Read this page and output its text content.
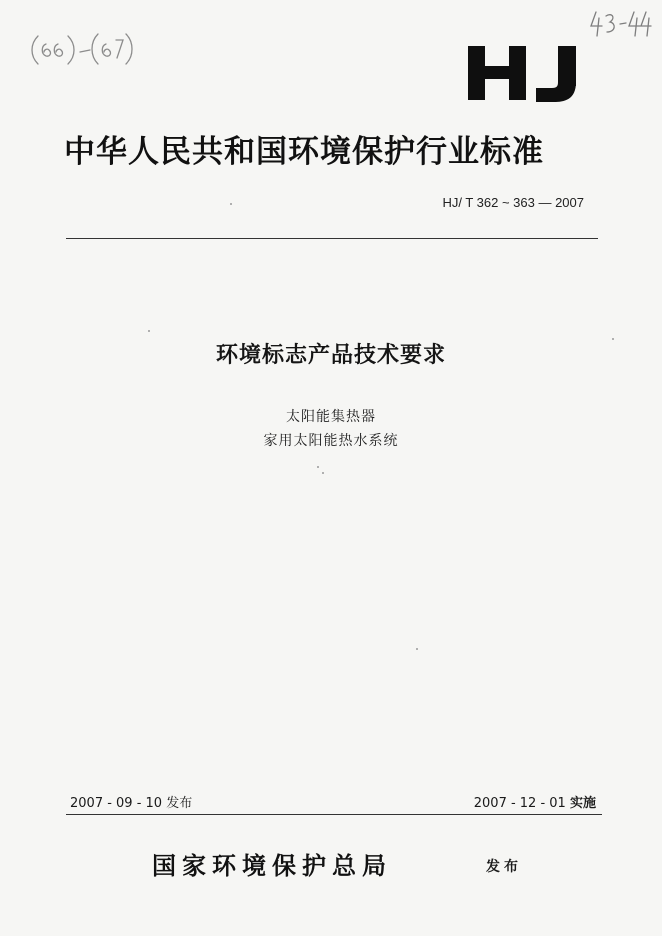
中华人民共和国环境保护行业标准
HJ/ T 362 ~ 363 — 2007
环境标志产品技术要求
太阳能集热器
家用太阳能热水系统
2007 - 09 - 10 发布	2007 - 12 - 01 实施
国家环境保护总局	发布
